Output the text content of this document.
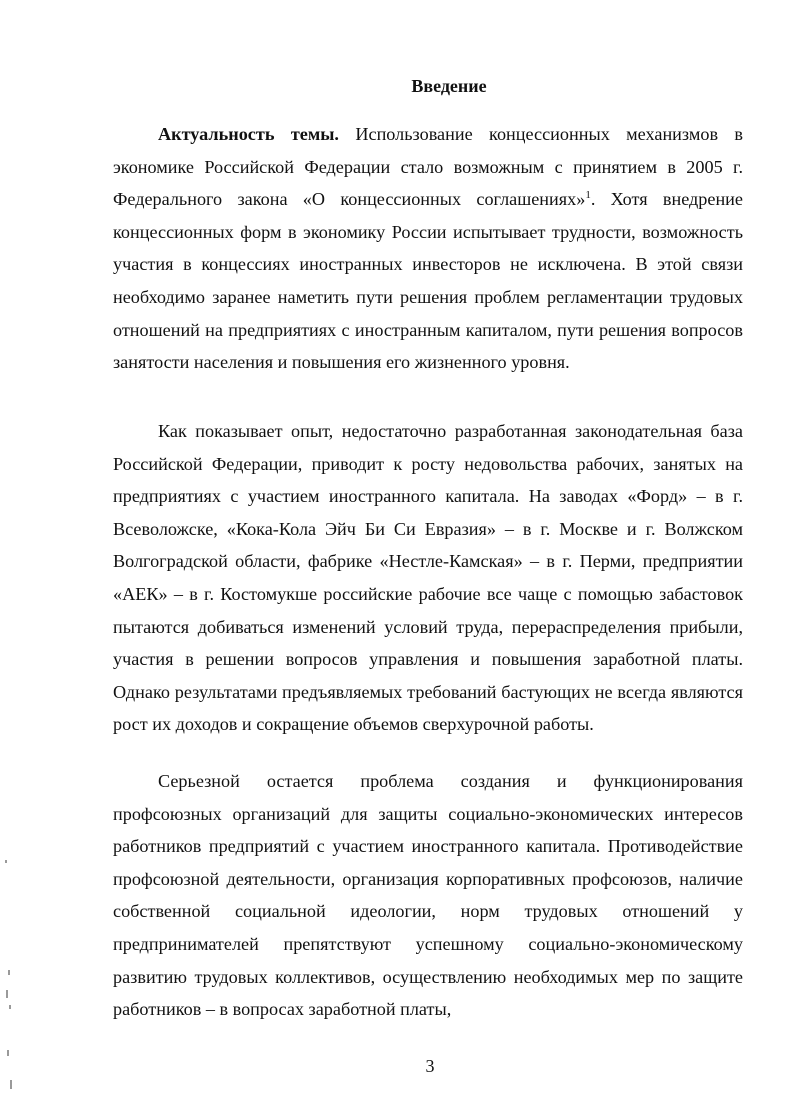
Введение

Актуальность темы. Использование концессионных механизмов в экономике Российской Федерации стало возможным с принятием в 2005 г. Федерального закона «О концессионных соглашениях»$^1$. Хотя внедрение концессионных форм в экономику России испытывает трудности, возможность участия в концессиях иностранных инвесторов не исключена. В этой связи необходимо заранее наметить пути решения проблем регламентации трудовых отношений на предприятиях с иностранным капиталом, пути решения вопросов занятости населения и повышения его жизненного уровня.

Как показывает опыт, недостаточно разработанная законодательная база Российской Федерации, приводит к росту недовольства рабочих, занятых на предприятиях с участием иностранного капитала. На заводах «Форд» – в г. Всеволожске, «Кока-Кола Эйч Би Си Евразия» – в г. Москве и г. Волжском Волгоградской области, фабрике «Нестле-Камская» – в г. Перми, предприятии «АЕК» – в г. Костомукше российские рабочие все чаще с помощью забастовок пытаются добиваться изменений условий труда, перераспределения прибыли, участия в решении вопросов управления и повышения заработной платы. Однако результатами предъявляемых требований бастующих не всегда являются рост их доходов и сокращение объемов сверхурочной работы.

Серьезной остается проблема создания и функционирования профсоюзных организаций для защиты социально-экономических интересов работников предприятий с участием иностранного капитала. Противодействие профсоюзной деятельности, организация корпоративных профсоюзов, наличие собственной социальной идеологии, норм трудовых отношений у предпринимателей препятствуют успешному социально-экономическому развитию трудовых коллективов, осуществлению необходимых мер по защите работников – в вопросах заработной платы,

3
